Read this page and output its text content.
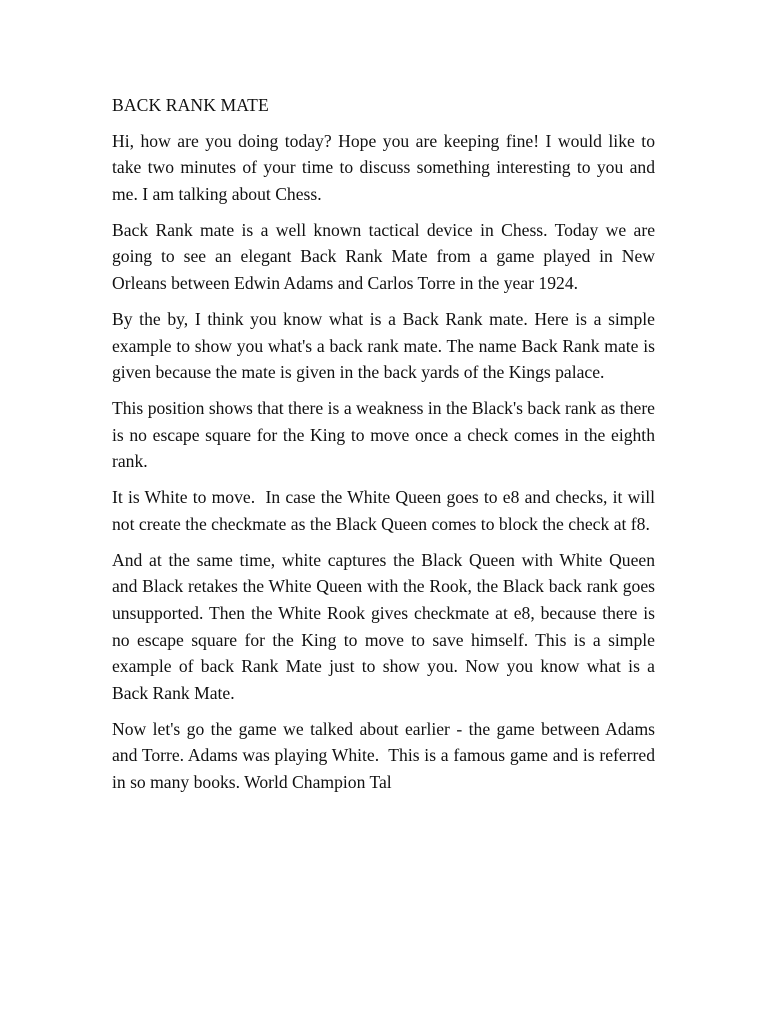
BACK RANK MATE

Hi, how are you doing today? Hope you are keeping fine! I would like to take two minutes of your time to discuss something interesting to you and me. I am talking about Chess.

Back Rank mate is a well known tactical device in Chess. Today we are going to see an elegant Back Rank Mate from a game played in New Orleans between Edwin Adams and Carlos Torre in the year 1924.

By the by, I think you know what is a Back Rank mate. Here is a simple example to show you what's a back rank mate. The name Back Rank mate is given because the mate is given in the back yards of the Kings palace.

This position shows that there is a weakness in the Black's back rank as there is no escape square for the King to move once a check comes in the eighth rank.

It is White to move.  In case the White Queen goes to e8 and checks, it will not create the checkmate as the Black Queen comes to block the check at f8.

And at the same time, white captures the Black Queen with White Queen and Black retakes the White Queen with the Rook, the Black back rank goes unsupported. Then the White Rook gives checkmate at e8, because there is no escape square for the King to move to save himself. This is a simple example of back Rank Mate just to show you. Now you know what is a Back Rank Mate.

Now let's go the game we talked about earlier - the game between Adams and Torre. Adams was playing White.  This is a famous game and is referred in so many books. World Champion Tal
